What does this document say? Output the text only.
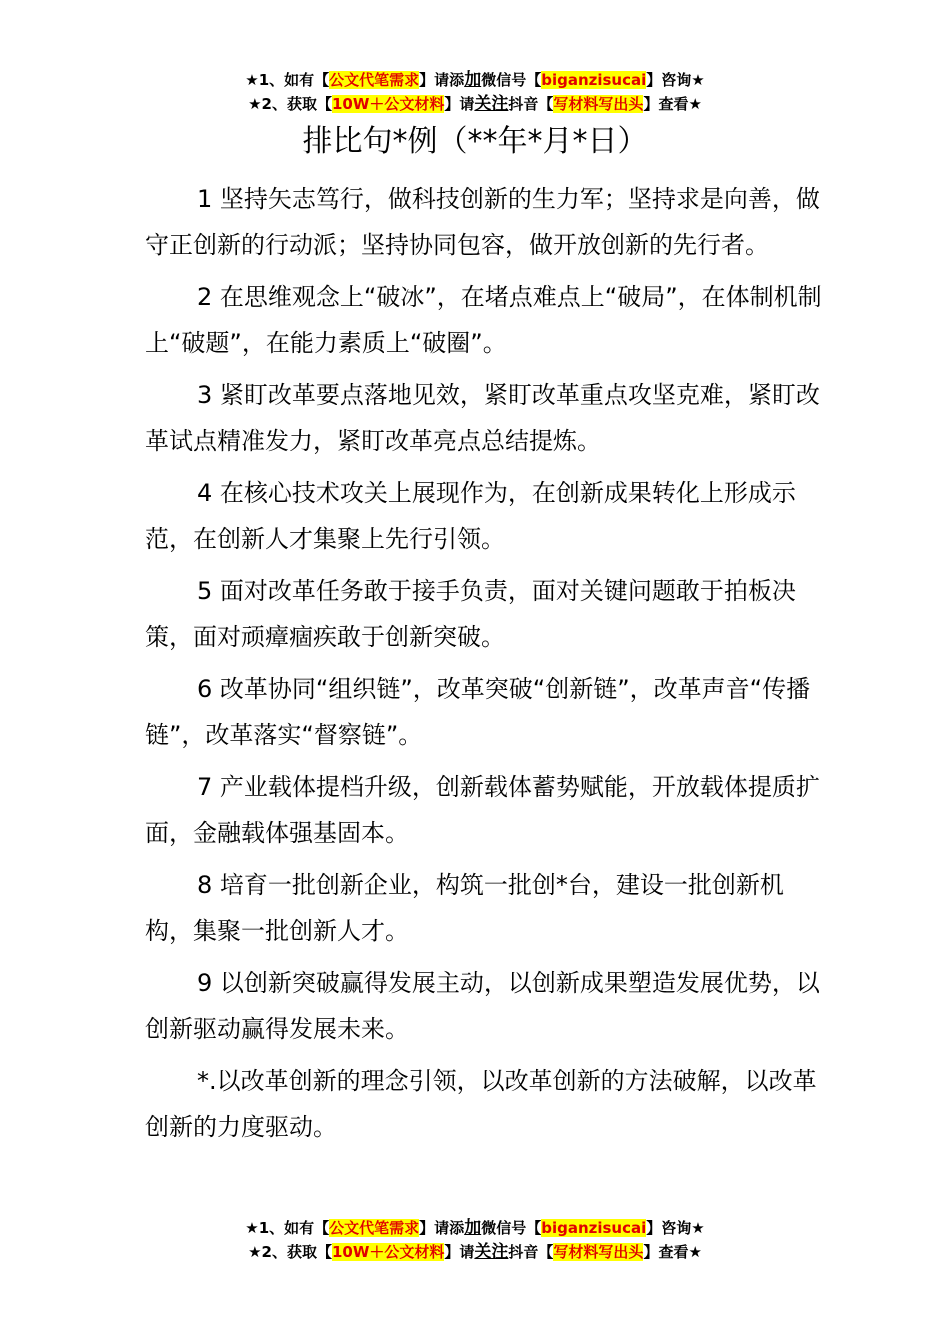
★1、如有【公文代笔需求】请添加微信号【biganzisucai】咨询★
★2、获取【10W＋公文材料】请关注抖音【写材料写出头】查看★
排比句*例（**年*月*日）

1 坚持矢志笃行，做科技创新的生力军；坚持求是向善，做守正创新的行动派；坚持协同包容，做开放创新的先行者。

2 在思维观念上“破冰”，在堵点难点上“破局”，在体制机制上“破题”，在能力素质上“破圈”。

3 紧盯改革要点落地见效，紧盯改革重点攻坚克难，紧盯改革试点精准发力，紧盯改革亮点总结提炼。

4 在核心技术攻关上展现作为，在创新成果转化上形成示范，在创新人才集聚上先行引领。

5 面对改革任务敢于接手负责，面对关键问题敢于拍板决策，面对顽瘴痼疾敢于创新突破。

6 改革协同“组织链”，改革突破“创新链”，改革声音“传播链”，改革落实“督察链”。

7 产业载体提档升级，创新载体蓄势赋能，开放载体提质扩面，金融载体强基固本。

8 培育一批创新企业，构筑一批创*台，建设一批创新机构，集聚一批创新人才。

9 以创新突破赢得发展主动，以创新成果塑造发展优势，以创新驱动赢得发展未来。

*.以改革创新的理念引领，以改革创新的方法破解，以改革创新的力度驱动。

★1、如有【公文代笔需求】请添加微信号【biganzisucai】咨询★
★2、获取【10W＋公文材料】请关注抖音【写材料写出头】查看★
